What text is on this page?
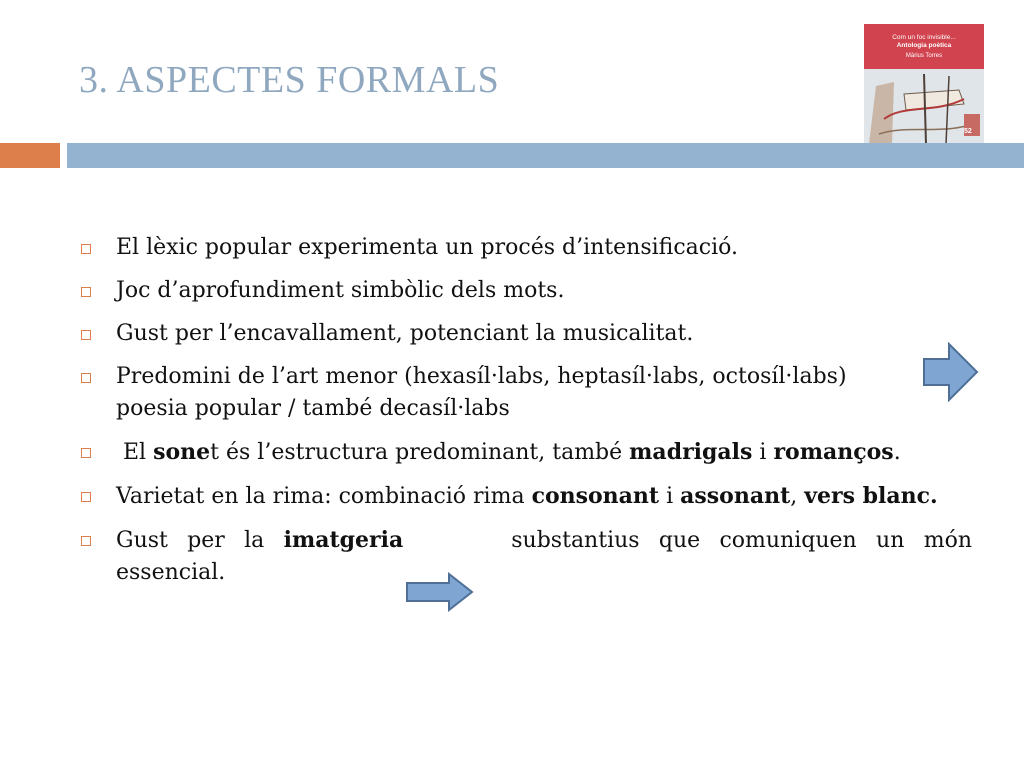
3. ASPECTES FORMALS
Com un foc invisible...
Antologia poètica
Màrius Torres
52
El lèxic popular experimenta un procés d’intensificació.
Joc d’aprofundiment simbòlic dels mots.
Gust per l’encavallament, potenciant la musicalitat.
Predomini de l’art menor (hexasíl·labs, heptasíl·labs, octosíl·labs)
poesia popular / també decasíl·labs
El sonet és l’estructura predominant, també madrigals i romanços.
Varietat en la rima: combinació rima consonant i assonant, vers blanc.
Gust per la imatgeria	substantius que comuniquen un món essencial.
